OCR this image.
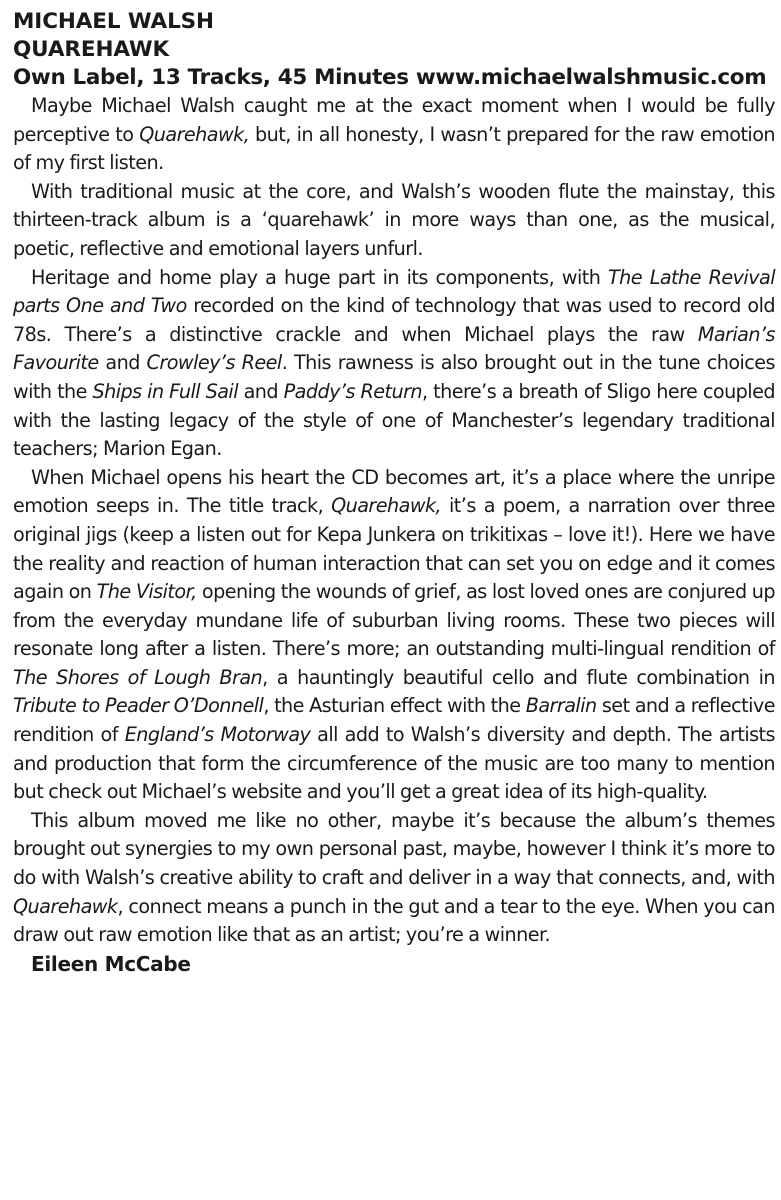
MICHAEL WALSH
QUAREHAWK
Own Label, 13 Tracks, 45 Minutes www.michaelwalshmusic.com

Maybe Michael Walsh caught me at the exact moment when I would be fully perceptive to Quarehawk, but, in all honesty, I wasn’t prepared for the raw emotion of my first listen.

With traditional music at the core, and Walsh’s wooden flute the mainstay, this thirteen-track album is a ‘quarehawk’ in more ways than one, as the musical, poetic, reflective and emotional layers unfurl.

Heritage and home play a huge part in its components, with The Lathe Revival parts One and Two recorded on the kind of technology that was used to record old 78s. There’s a distinctive crackle and when Michael plays the raw Marian’s Favourite and Crowley’s Reel. This rawness is also brought out in the tune choices with the Ships in Full Sail and Paddy’s Return, there’s a breath of Sligo here coupled with the lasting legacy of the style of one of Manchester’s legendary traditional teachers; Marion Egan.

When Michael opens his heart the CD becomes art, it’s a place where the unripe emotion seeps in. The title track, Quarehawk, it’s a poem, a narration over three original jigs (keep a listen out for Kepa Junkera on trikitixas – love it!). Here we have the reality and reaction of human interaction that can set you on edge and it comes again on The Visitor, opening the wounds of grief, as lost loved ones are conjured up from the everyday mundane life of suburban living rooms. These two pieces will resonate long after a listen. There’s more; an outstanding multi-lingual rendition of The Shores of Lough Bran, a hauntingly beautiful cello and flute combination in Tribute to Peader O’Donnell, the Asturian effect with the Barralin set and a reflective rendition of England’s Motorway all add to Walsh’s diversity and depth. The artists and production that form the circumference of the music are too many to mention but check out Michael’s website and you’ll get a great idea of its high-quality.

This album moved me like no other, maybe it’s because the album’s themes brought out synergies to my own personal past, maybe, however I think it’s more to do with Walsh’s creative ability to craft and deliver in a way that connects, and, with Quarehawk, connect means a punch in the gut and a tear to the eye. When you can draw out raw emotion like that as an artist; you’re a winner.

Eileen McCabe
